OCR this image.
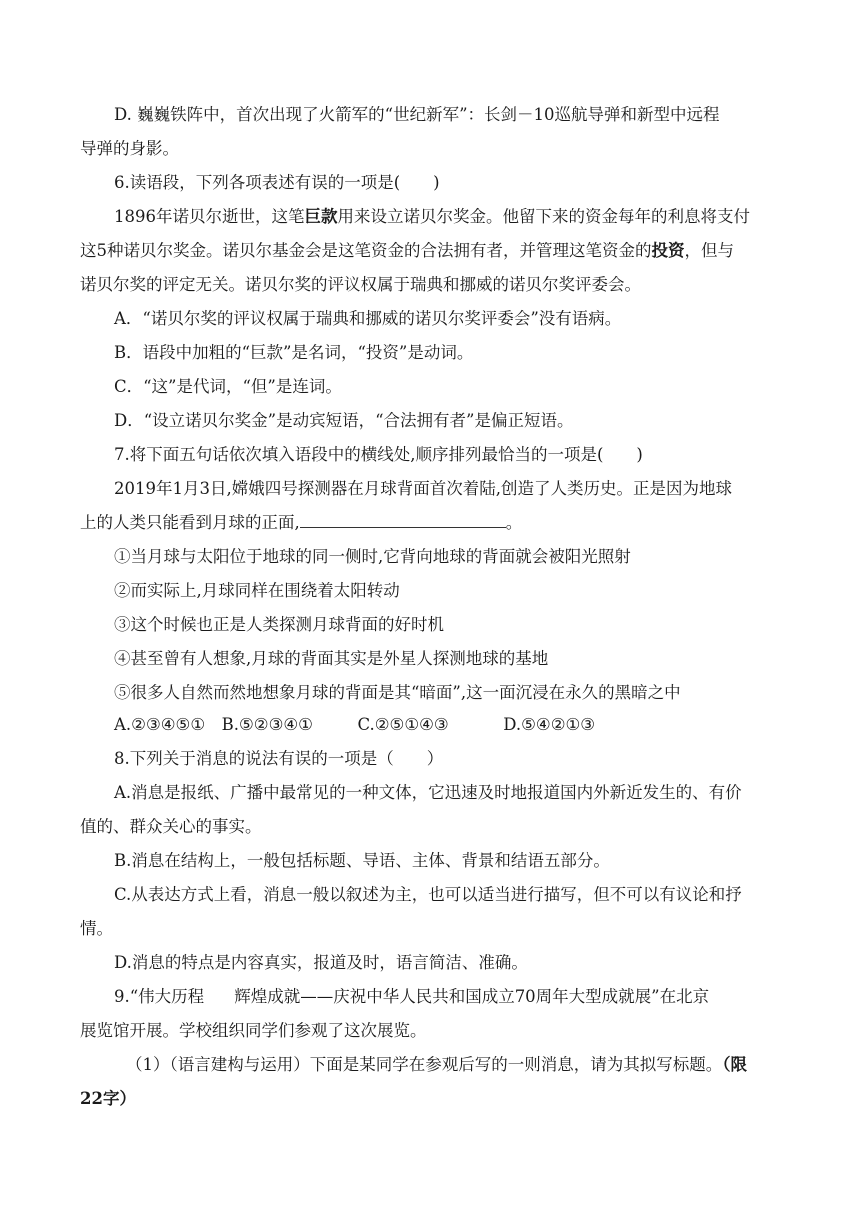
D. 巍巍铁阵中，首次出现了火箭军的“世纪新军”：长剑－10巡航导弹和新型中远程
导弹的身影。
6.读语段，下列各项表述有误的一项是(　　)
1896年诺贝尔逝世，这笔巨款用来设立诺贝尔奖金。他留下来的资金每年的利息将支付
这5种诺贝尔奖金。诺贝尔基金会是这笔资金的合法拥有者，并管理这笔资金的投资，但与
诺贝尔奖的评定无关。诺贝尔奖的评议权属于瑞典和挪威的诺贝尔奖评委会。
A．“诺贝尔奖的评议权属于瑞典和挪威的诺贝尔奖评委会”没有语病。
B．语段中加粗的“巨款”是名词，“投资”是动词。
C．“这”是代词，“但”是连词。
D．“设立诺贝尔奖金”是动宾短语，“合法拥有者”是偏正短语。
7.将下面五句话依次填入语段中的横线处,顺序排列最恰当的一项是(　　)
2019年1月3日,嫦娥四号探测器在月球背面首次着陆,创造了人类历史。正是因为地球
上的人类只能看到月球的正面,	。
①当月球与太阳位于地球的同一侧时,它背向地球的背面就会被阳光照射
②而实际上,月球同样在围绕着太阳转动
③这个时候也正是人类探测月球背面的好时机
④甚至曾有人想象,月球的背面其实是外星人探测地球的基地
⑤很多人自然而然地想象月球的背面是其“暗面”,这一面沉浸在永久的黑暗之中
A.②③④⑤① B.⑤②③④①	C.②⑤①④③	D.⑤④②①③
8.下列关于消息的说法有误的一项是（　　）
A.消息是报纸、广播中最常见的一种文体，它迅速及时地报道国内外新近发生的、有价
值的、群众关心的事实。
B.消息在结构上，一般包括标题、导语、主体、背景和结语五部分。
C.从表达方式上看，消息一般以叙述为主，也可以适当进行描写，但不可以有议论和抒
情。
D.消息的特点是内容真实，报道及时，语言简洁、准确。
9.“伟大历程 辉煌成就——庆祝中华人民共和国成立70周年大型成就展”在北京
展览馆开展。学校组织同学们参观了这次展览。
（1）（语言建构与运用）下面是某同学在参观后写的一则消息，请为其拟写标题。（限
22字）
